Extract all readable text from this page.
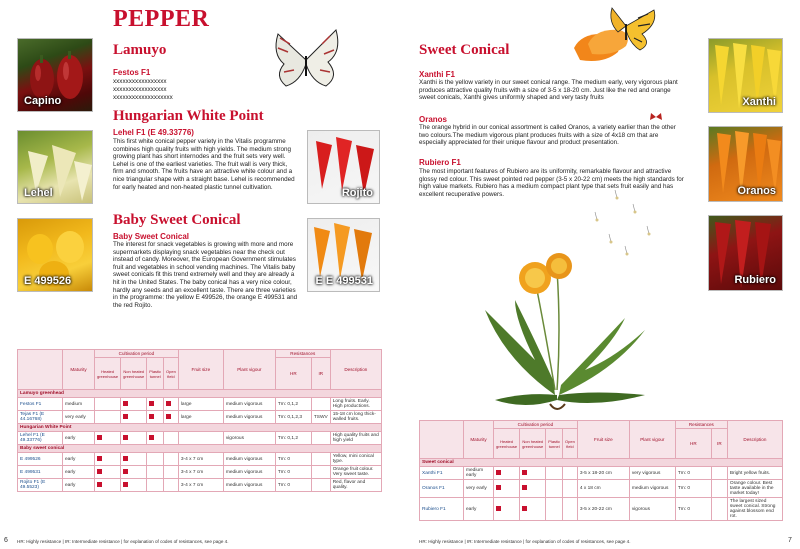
PEPPER
Capino
Lehel	Rojito
E 499526	E E 499531
Lamuyo
Festos F1
xxxxxxxxxxxxxxxxx
xxxxxxxxxxxxxxxxx
xxxxxxxxxxxxxxxxxxx
Hungarian White Point
Lehel F1 (E 49.33776)
This first white conical pepper variety in the Vitalis programme combines high quality fruits with high yields. The medium strong growing plant has short internodes and the fruit sets very well. Lehel is one of the earliest varieties. The fruit wall is very thick, firm and smooth. The fruits have an attractive white colour and a nice triangular shape with a straight base. Lehel is recommended for early heated and non-heated plastic tunnel cultivation.
Baby Sweet Conical
Baby Sweet Conical
The interest for snack vegetables is growing with more and more supermarkets displaying snack vegetables near the check out instead of candy. Moreover, the European Government stimulates fruit and vegetables in school vending machines. The Vitalis baby sweet conicals fit this trend extremely well and they are already a hit in the United States. The baby conical has a very nice colour, hardly any seeds and an excellent taste. There are three varieties in the programme: the yellow E 499526, the orange E 499531 and the red Rojito.
	Maturity	Cultivation period				Fruit size	Plant vigour	Resistances		Description
		Heated greenhouse	Non heated greenhouse	Plastic tunnel	Open field			HR	IR	
Lamuyo greenhead										
Festos F1	medium					large	medium vigorous	Tm: 0,1,2		Long fruits. Early. High productions.
Tejas F1 (E 44.16768)	very early					large	medium vigorous	Tm: 0,1,2,3	TSWV	15-18 cm long thick-walled fruits.
Hungarian White Point										
Lehel F1 (E 49.33776)	early						vigorous	Tm: 0,1,2		High quality fruits and high yield
Baby sweet conical										
E 499526	early					3-4 x 7 cm	medium vigorous	Tm: 0		Yellow, mini conical type.
E 499531	early					3-4 x 7 cm	medium vigorous	Tm: 0		Orange fruit colour. Very sweet taste.
Rojito F1 (E 49.5523)	early					3-4 x 7 cm	medium vigorous	Tm: 0		Red, flavor and quality.
6 HR: Highly resistance | IR: Intermediate resistance | for explanation of codes of resistances, see page 4.
Sweet Conical
Xanthi F1
Xanthi is the yellow variety in our sweet conical range. The medium early, very vigorous plant produces attractive quality fruits with a size of 3-5 x 18-20 cm. Just like the red and orange sweet conicals, Xanthi gives uniformly shaped and very tasty fruits
Oranos
The orange hybrid in our conical assortment is called Oranos, a variety earlier than the other two colours.The medium vigorous plant produces fruits with a size of 4x18 cm that are especially appreciated for their unique flavour and product presentation.
Rubiero F1
The most important features of Rubiero are its uniformity, remarkable flavour and attractive glossy red colour. This sweet pointed red pepper (3-5 x 20-22 cm) meets the high standards for high value markets. Rubiero has a medium compact plant type that sets fruit easily and has excellent recuperative powers.
Xanthi
Oranos
Rubiero
	Maturity	Cultivation period				Fruit size	Plant vigour	Resistances		Description
		Heated greenhouse	Non heated greenhouse	Plastic tunnel	Open field			HR	IR	
Sweet conical										
Xanthi F1	medium early					3-5 x 18-20 cm	very vigorous	Tm: 0		Bright yellow fruits.
Oranos F1	very early					4 x 18 cm	medium vigorous	Tm: 0		Orange colour. Best taste available in the market today!
Rubiero F1	early					3-5 x 20-22 cm	vigorous	Tm: 0		The largest sized sweet conical. Strong against blossom end rot.
HR: Highly resistance | IR: Intermediate resistance | for explanation of codes of resistances, see page 4.	7
